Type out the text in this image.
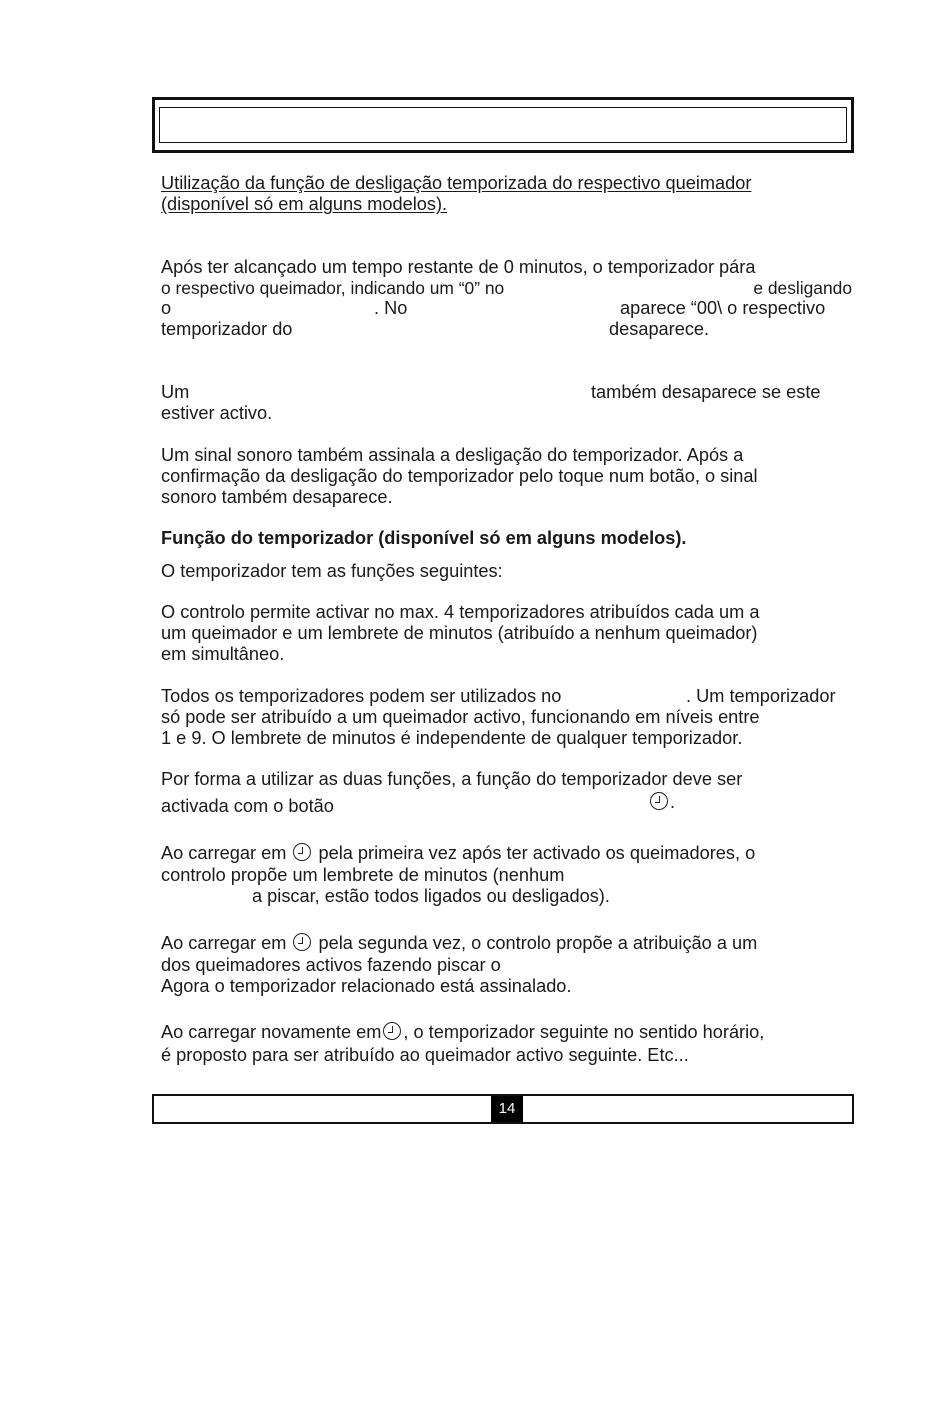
Utilização da função de desligação temporizada do respectivo queimador
(disponível só em alguns modelos).
Após ter alcançado um tempo restante de 0 minutos, o temporizador pára
o respectivo queimador, indicando um “0” no	e desligando
o	. No	aparece “00\ o respectivo
temporizador do	desaparece.
Um	também desaparece se este
estiver activo.
Um sinal sonoro também assinala a desligação do temporizador. Após a
confirmação da desligação do temporizador pelo toque num botão, o sinal
sonoro também desaparece.
Função do temporizador (disponível só em alguns modelos).
O temporizador tem as funções seguintes:
O controlo permite activar no max. 4 temporizadores atribuídos cada um a
um queimador e um lembrete de minutos (atribuído a nenhum queimador)
em simultâneo.
Todos os temporizadores podem ser utilizados no	. Um temporizador
só pode ser atribuído a um queimador activo, funcionando em níveis entre
1 e 9. O lembrete de minutos é independente de qualquer temporizador.
Por forma a utilizar as duas funções, a função do temporizador deve ser
activada com o botão	.
Ao carregar em pela primeira vez após ter activado os queimadores, o
controlo propõe um lembrete de minutos (nenhum
a piscar, estão todos ligados ou desligados).
Ao carregar em pela segunda vez, o controlo propõe a atribuição a um
dos queimadores activos fazendo piscar o
Agora o temporizador relacionado está assinalado.
Ao carregar novamente em , o temporizador seguinte no sentido horário,
é proposto para ser atribuído ao queimador activo seguinte. Etc...
14
